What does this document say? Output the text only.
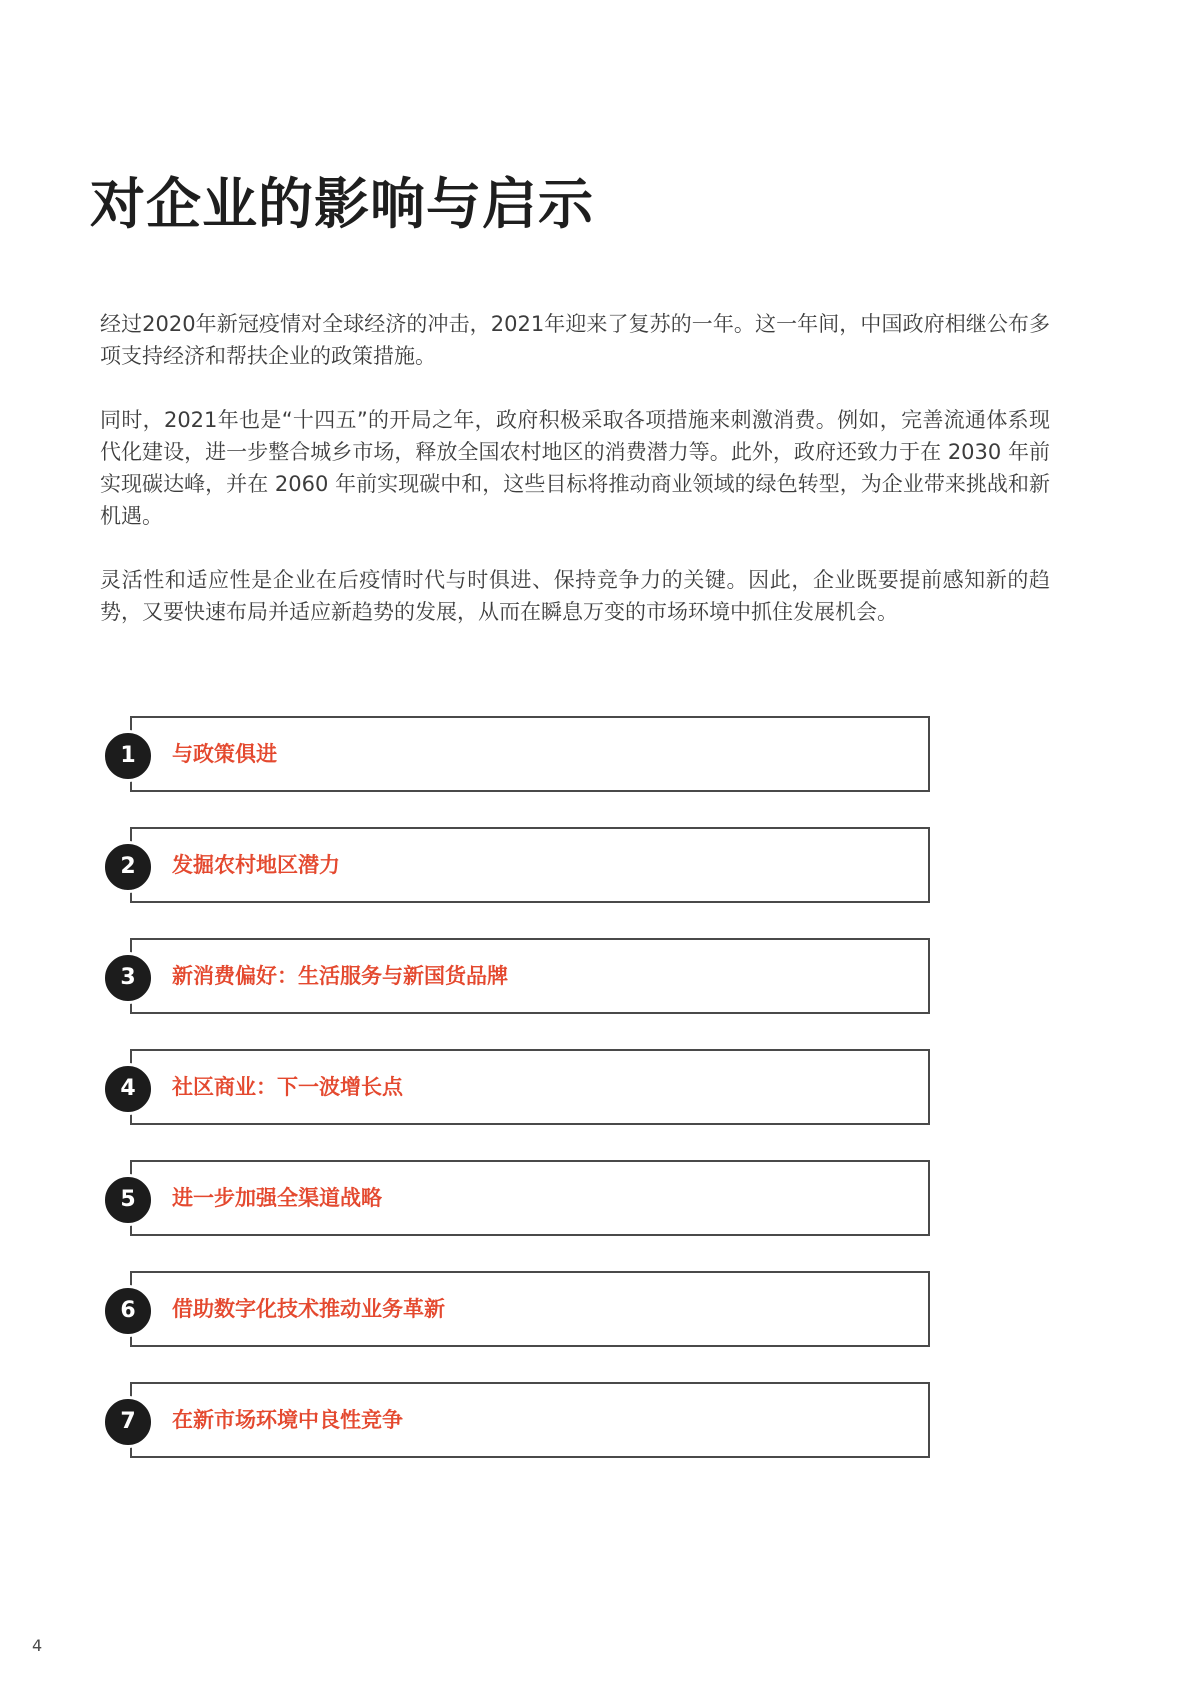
对企业的影响与启示

经过2020年新冠疫情对全球经济的冲击，2021年迎来了复苏的一年。这一年间，中国政府相继公布多项支持经济和帮扶企业的政策措施。

同时，2021年也是“十四五”的开局之年，政府积极采取各项措施来刺激消费。例如，完善流通体系现代化建设，进一步整合城乡市场，释放全国农村地区的消费潜力等。此外，政府还致力于在 2030 年前实现碳达峰，并在 2060 年前实现碳中和，这些目标将推动商业领域的绿色转型，为企业带来挑战和新机遇。

灵活性和适应性是企业在后疫情时代与时俱进、保持竞争力的关键。因此，企业既要提前感知新的趋势，又要快速布局并适应新趋势的发展，从而在瞬息万变的市场环境中抓住发展机会。

1	与政策俱进
2	发掘农村地区潜力
3	新消费偏好：生活服务与新国货品牌
4	社区商业：下一波增长点
5	进一步加强全渠道战略
6	借助数字化技术推动业务革新
7	在新市场环境中良性竞争
4
